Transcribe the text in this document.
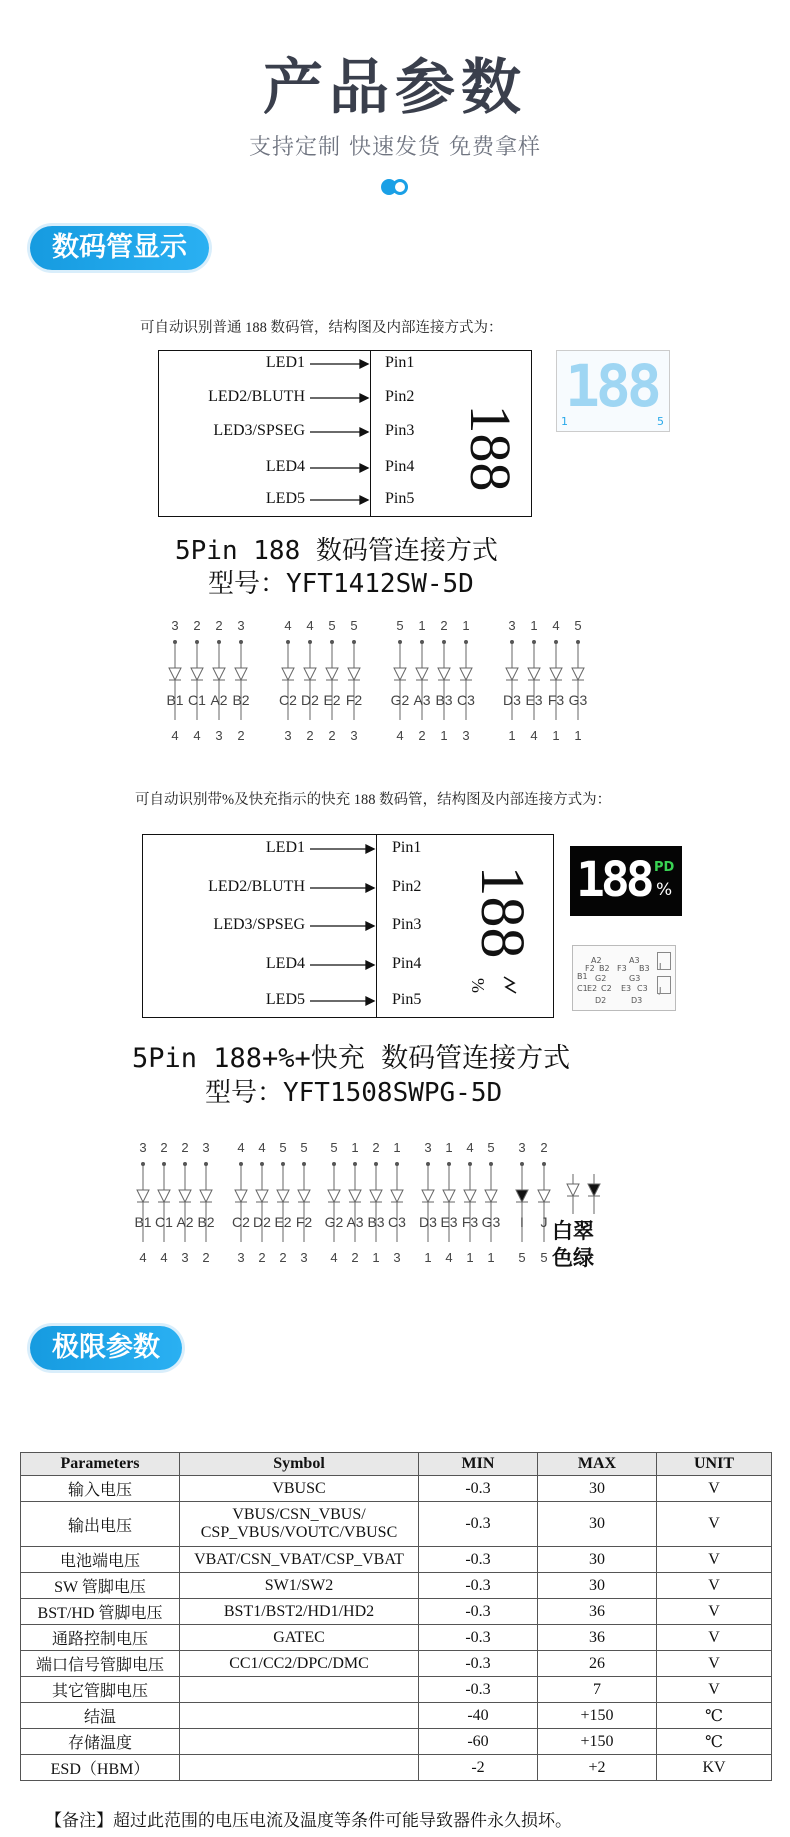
产品参数
支持定制 快速发货 免费拿样
数码管显示
可自动识别普通 188 数码管，结构图及内部连接方式为：
LED1
LED2/BLUTH
LED3/SPSEG
LED4
LED5
Pin1
Pin2
Pin3
Pin4
Pin5
188
188
1	5
5Pin 188 数码管连接方式
型号：YFT1412SW-5D
3
4
B1
2
4
C1
2
3
A2
3
2
B2
4
3
C2
4
2
D2
5
2
E2
5
3
F2
5
4
G2
1
2
A3
2
1
B3
1
3
C3
3
1
D3
1
4
E3
4
1
F3
5
1
G3
可自动识别带%及快充指示的快充 188 数码管，结构图及内部连接方式为：
LED1
LED2/BLUTH
LED3/SPSEG
LED4
LED5
Pin1
Pin2
Pin3
Pin4
Pin5
188
%
188 PD
%
A2
F2 B2 F3
A3
B3
B1 G2	G3
C1 E2 C2 E3 C3
D2	D3
I
J
5Pin 188+%+快充 数码管连接方式
型号：YFT1508SWPG-5D
3
4
B1
2
4
C1
2
3
A2
3
2
B2
4
3
C2
4
2
D2
5
2
E2
5
3
F2
5
4
G2
1
2
A3
2
1
B3
1
3
C3
3
1
D3
1
4
E3
4
1
F3
5
1
G3
3
5
I
2
5
J 白翠
色绿
极限参数
Parameters	Symbol	MIN	MAX	UNIT
输入电压	VBUSC	-0.3	30	V
输出电压	VBUS/CSN_VBUS/
CSP_VBUS/VOUTC/VBUSC	-0.3	30	V
电池端电压	VBAT/CSN_VBAT/CSP_VBAT	-0.3	30	V
SW 管脚电压	SW1/SW2	-0.3	30	V
BST/HD 管脚电压	BST1/BST2/HD1/HD2	-0.3	36	V
通路控制电压	GATEC	-0.3	36	V
端口信号管脚电压	CC1/CC2/DPC/DMC	-0.3	26	V
其它管脚电压		-0.3	7	V
结温		-40	+150	℃
存储温度		-60	+150	℃
ESD（HBM）		-2	+2	KV
【备注】超过此范围的电压电流及温度等条件可能导致器件永久损坏。
